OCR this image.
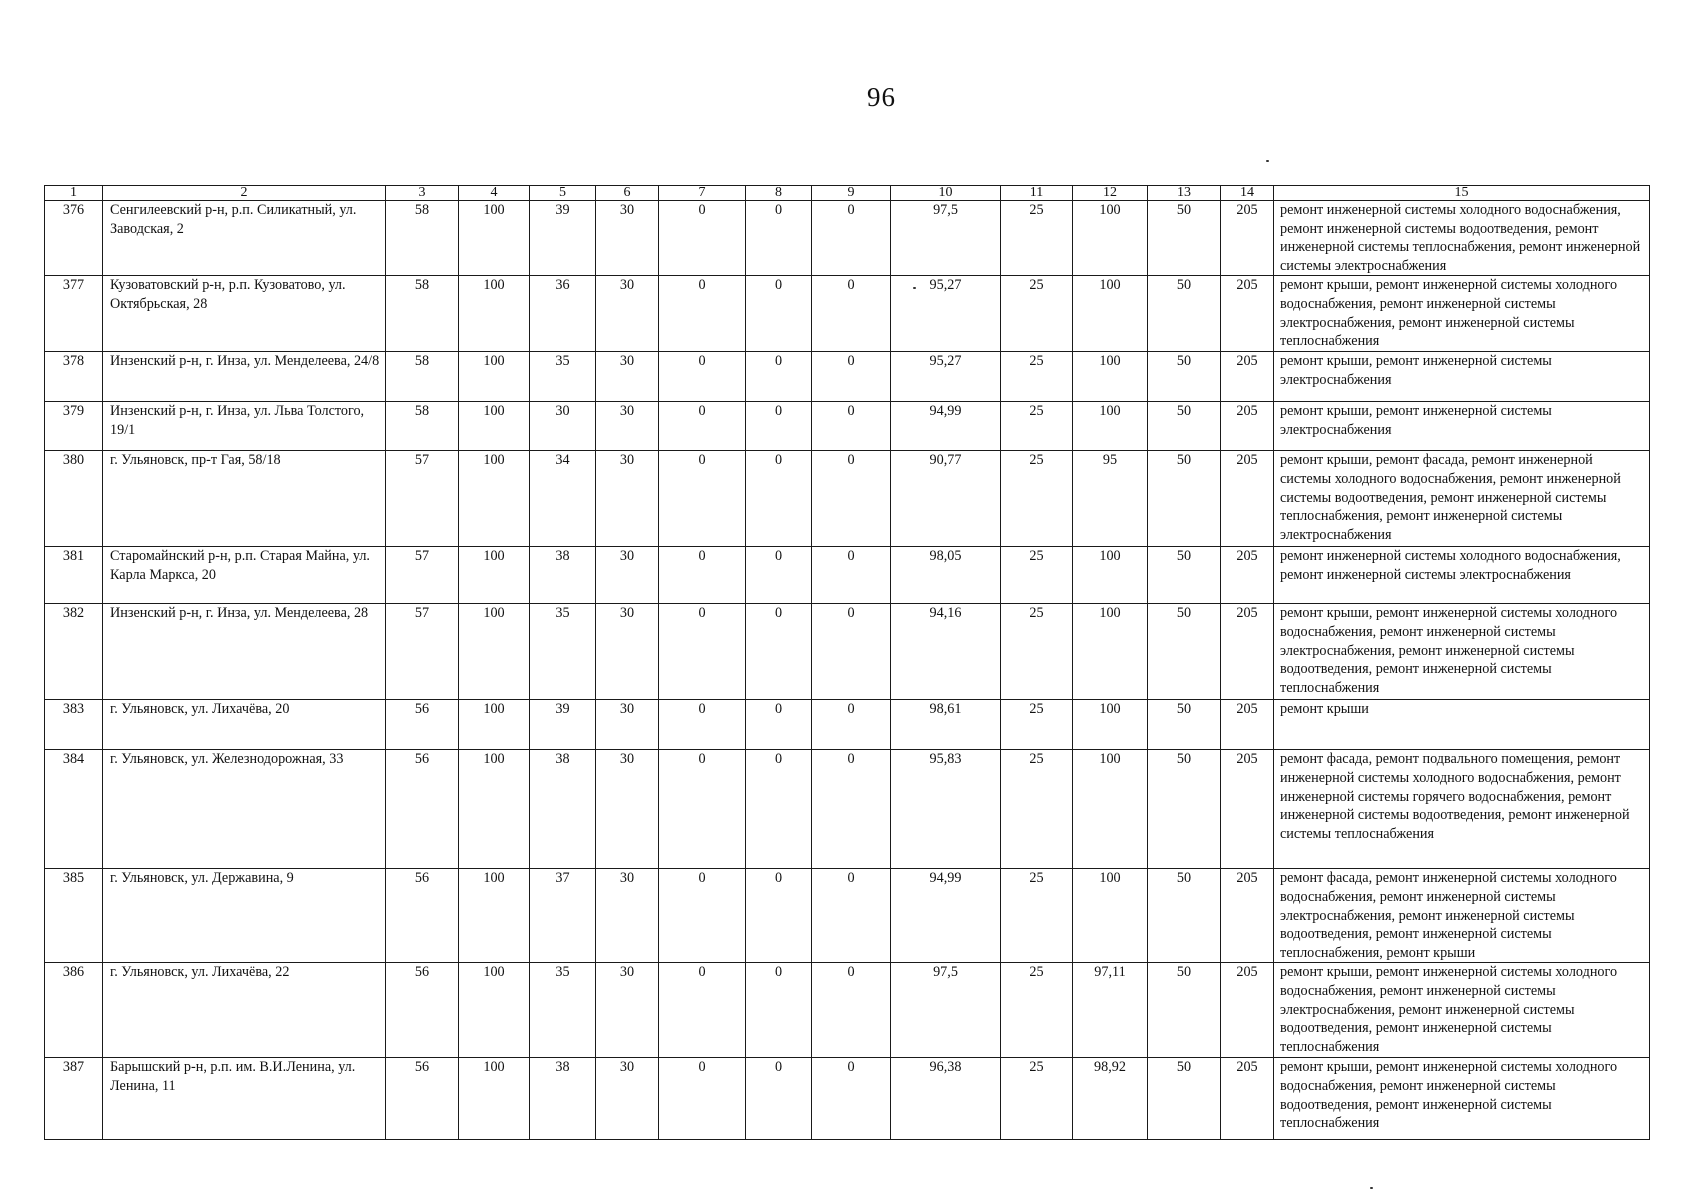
96
1	2	3	4	5	6	7	8	9	10	11	12	13	14	15
376	Сенгилеевский р-н, р.п. Силикатный, ул. Заводская, 2	58	100	39	30	0	0	0	97,5	25	100	50	205	ремонт инженерной системы холодного водоснабжения, ремонт инженерной системы водоотведения, ремонт инженерной системы теплоснабжения, ремонт инженерной системы электроснабжения
377	Кузоватовский р-н, р.п. Кузоватово, ул. Октябрьская, 28	58	100	36	30	0	0	0	95,27	25	100	50	205	ремонт крыши, ремонт инженерной системы холодного водоснабжения, ремонт инженерной системы электроснабжения, ремонт инженерной системы теплоснабжения
378	Инзенский р-н, г. Инза, ул. Менделеева, 24/8	58	100	35	30	0	0	0	95,27	25	100	50	205	ремонт крыши, ремонт инженерной системы электроснабжения
379	Инзенский р-н, г. Инза, ул. Льва Толстого, 19/1	58	100	30	30	0	0	0	94,99	25	100	50	205	ремонт крыши, ремонт инженерной системы электроснабжения
380	г. Ульяновск, пр-т Гая, 58/18	57	100	34	30	0	0	0	90,77	25	95	50	205	ремонт крыши, ремонт фасада, ремонт инженерной системы холодного водоснабжения, ремонт инженерной системы водоотведения, ремонт инженерной системы теплоснабжения, ремонт инженерной системы электроснабжения
381	Старомайнский р-н, р.п. Старая Майна, ул. Карла Маркса, 20	57	100	38	30	0	0	0	98,05	25	100	50	205	ремонт инженерной системы холодного водоснабжения, ремонт инженерной системы электроснабжения
382	Инзенский р-н, г. Инза, ул. Менделеева, 28	57	100	35	30	0	0	0	94,16	25	100	50	205	ремонт крыши, ремонт инженерной системы холодного водоснабжения, ремонт инженерной системы электроснабжения, ремонт инженерной системы водоотведения, ремонт инженерной системы теплоснабжения
383	г. Ульяновск, ул. Лихачёва, 20	56	100	39	30	0	0	0	98,61	25	100	50	205	ремонт крыши
384	г. Ульяновск, ул. Железнодорожная, 33	56	100	38	30	0	0	0	95,83	25	100	50	205	ремонт фасада, ремонт подвального помещения, ремонт инженерной системы холодного водоснабжения, ремонт инженерной системы горячего водоснабжения, ремонт инженерной системы водоотведения, ремонт инженерной системы теплоснабжения
385	г. Ульяновск, ул. Державина, 9	56	100	37	30	0	0	0	94,99	25	100	50	205	ремонт фасада, ремонт инженерной системы холодного водоснабжения, ремонт инженерной системы электроснабжения, ремонт инженерной системы водоотведения, ремонт инженерной системы теплоснабжения, ремонт крыши
386	г. Ульяновск, ул. Лихачёва, 22	56	100	35	30	0	0	0	97,5	25	97,11	50	205	ремонт крыши, ремонт инженерной системы холодного водоснабжения, ремонт инженерной системы электроснабжения, ремонт инженерной системы водоотведения, ремонт инженерной системы теплоснабжения
387	Барышский р-н, р.п. им. В.И.Ленина, ул. Ленина, 11	56	100	38	30	0	0	0	96,38	25	98,92	50	205	ремонт крыши, ремонт инженерной системы холодного водоснабжения, ремонт инженерной системы водоотведения, ремонт инженерной системы теплоснабжения
